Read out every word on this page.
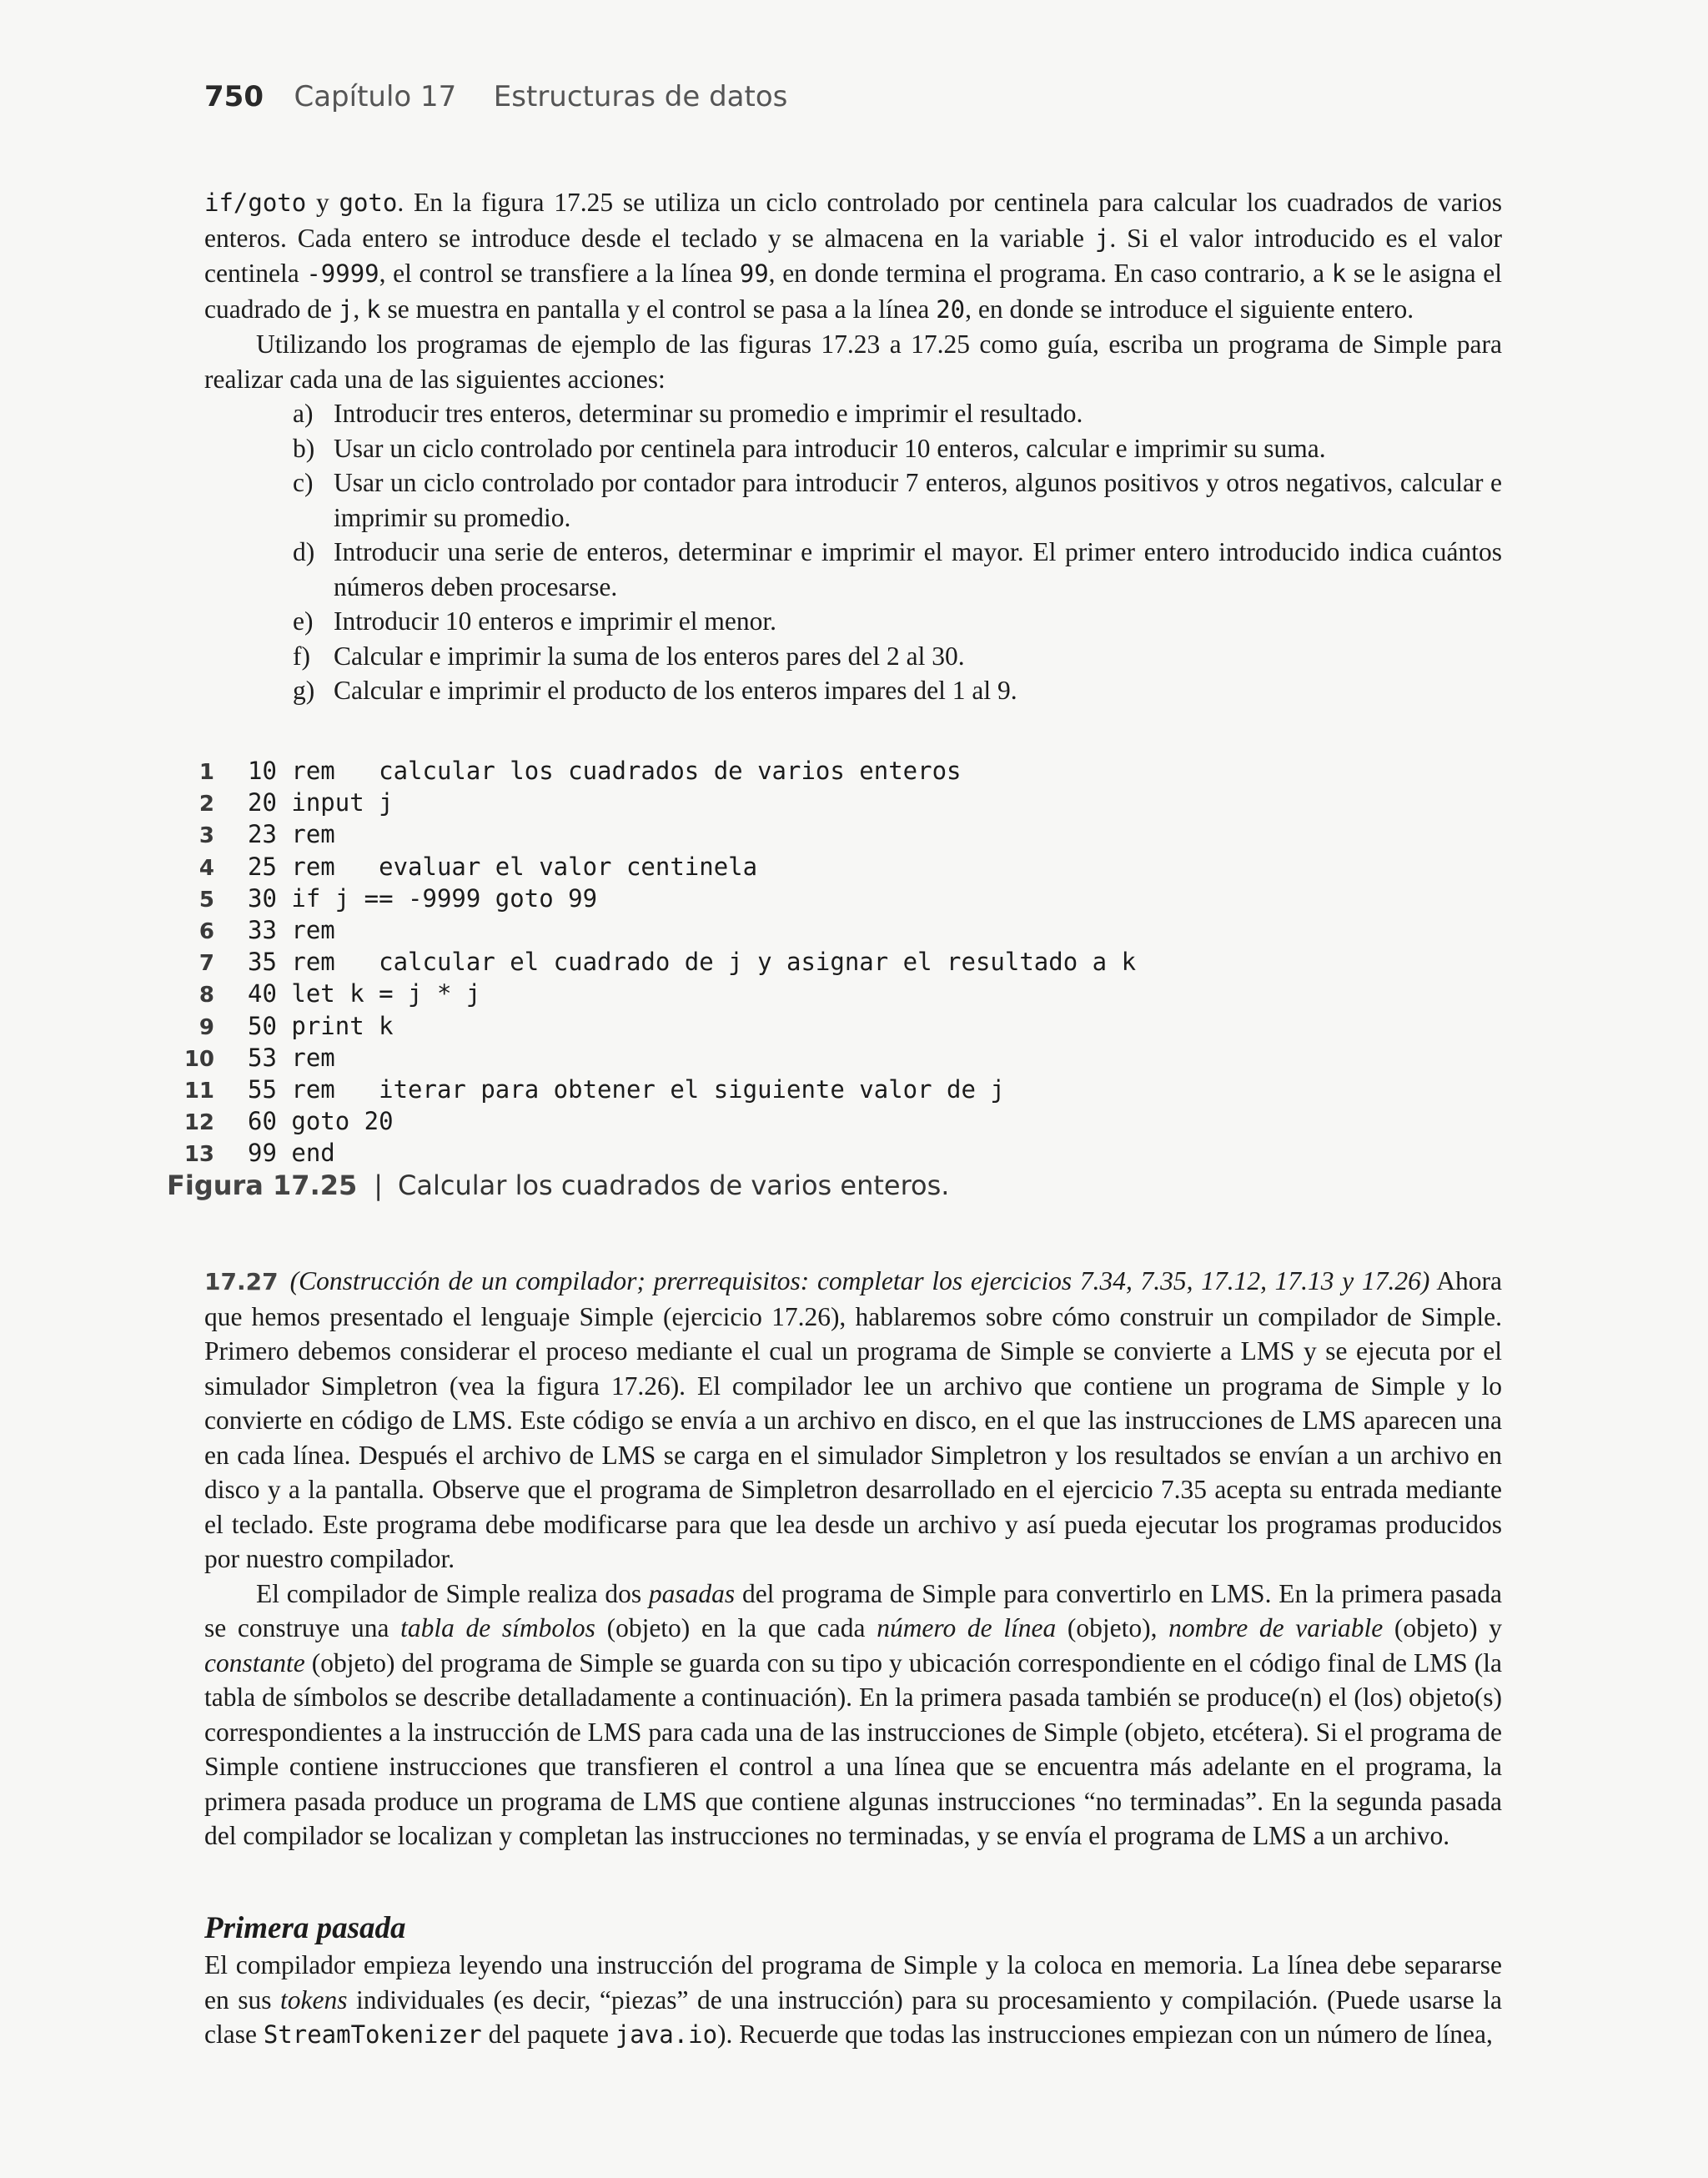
750 Capítulo 17 Estructuras de datos

if/goto y goto. En la figura 17.25 se utiliza un ciclo controlado por centinela para calcular los cuadrados de varios enteros. Cada entero se introduce desde el teclado y se almacena en la variable j. Si el valor introducido es el valor centinela -9999, el control se transfiere a la línea 99, en donde termina el programa. En caso contrario, a k se le asigna el cuadrado de j, k se muestra en pantalla y el control se pasa a la línea 20, en donde se introduce el siguiente entero.

Utilizando los programas de ejemplo de las figuras 17.23 a 17.25 como guía, escriba un programa de Simple para realizar cada una de las siguientes acciones:

a) Introducir tres enteros, determinar su promedio e imprimir el resultado.
b) Usar un ciclo controlado por centinela para introducir 10 enteros, calcular e imprimir su suma.
c) Usar un ciclo controlado por contador para introducir 7 enteros, algunos positivos y otros negativos, calcular e imprimir su promedio.
d) Introducir una serie de enteros, determinar e imprimir el mayor. El primer entero introducido indica cuántos números deben procesarse.
e) Introducir 10 enteros e imprimir el menor.
f) Calcular e imprimir la suma de los enteros pares del 2 al 30.
g) Calcular e imprimir el producto de los enteros impares del 1 al 9.
1 10 rem   calcular los cuadrados de varios enteros
2 20 input j
3 23 rem
4 25 rem   evaluar el valor centinela
5 30 if j == -9999 goto 99
6 33 rem
7 35 rem   calcular el cuadrado de j y asignar el resultado a k
8 40 let k = j * j
9 50 print k
10 53 rem
11 55 rem   iterar para obtener el siguiente valor de j
12 60 goto 20
13 99 end
Figura 17.25 | Calcular los cuadrados de varios enteros.

17.27 (Construcción de un compilador; prerrequisitos: completar los ejercicios 7.34, 7.35, 17.12, 17.13 y 17.26) Ahora que hemos presentado el lenguaje Simple (ejercicio 17.26), hablaremos sobre cómo construir un compilador de Simple. Primero debemos considerar el proceso mediante el cual un programa de Simple se convierte a LMS y se ejecuta por el simulador Simpletron (vea la figura 17.26). El compilador lee un archivo que contiene un programa de Simple y lo convierte en código de LMS. Este código se envía a un archivo en disco, en el que las instrucciones de LMS aparecen una en cada línea. Después el archivo de LMS se carga en el simulador Simpletron y los resultados se envían a un archivo en disco y a la pantalla. Observe que el programa de Simpletron desarrollado en el ejercicio 7.35 acepta su entrada mediante el teclado. Este programa debe modificarse para que lea desde un archivo y así pueda ejecutar los programas producidos por nuestro compilador.

El compilador de Simple realiza dos pasadas del programa de Simple para convertirlo en LMS. En la primera pasada se construye una tabla de símbolos (objeto) en la que cada número de línea (objeto), nombre de variable (objeto) y constante (objeto) del programa de Simple se guarda con su tipo y ubicación correspondiente en el código final de LMS (la tabla de símbolos se describe detalladamente a continuación). En la primera pasada también se produce(n) el (los) objeto(s) correspondientes a la instrucción de LMS para cada una de las instrucciones de Simple (objeto, etcétera). Si el programa de Simple contiene instrucciones que transfieren el control a una línea que se encuentra más adelante en el programa, la primera pasada produce un programa de LMS que contiene algunas instrucciones “no terminadas”. En la segunda pasada del compilador se localizan y completan las instrucciones no terminadas, y se envía el programa de LMS a un archivo.

Primera pasada

El compilador empieza leyendo una instrucción del programa de Simple y la coloca en memoria. La línea debe separarse en sus tokens individuales (es decir, “piezas” de una instrucción) para su procesamiento y compilación. (Puede usarse la clase StreamTokenizer del paquete java.io). Recuerde que todas las instrucciones empiezan con un número de línea,
